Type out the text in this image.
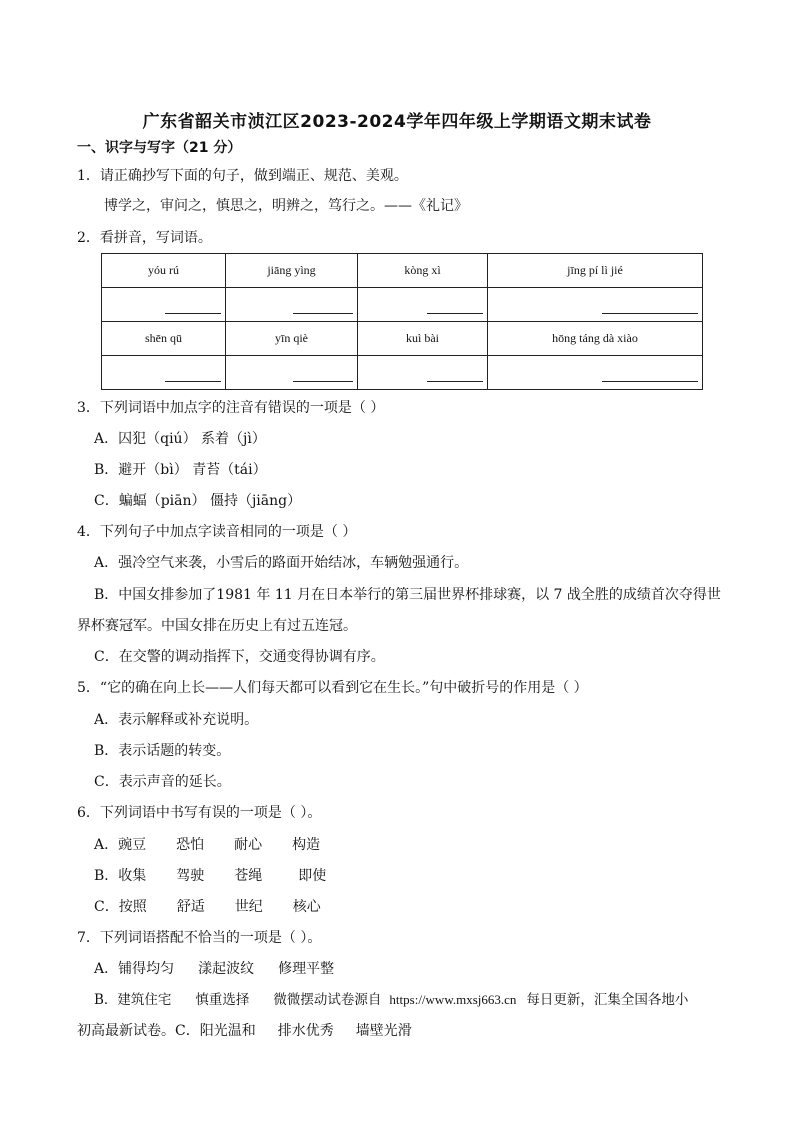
广东省韶关市浈江区2023-2024学年四年级上学期语文期末试卷
一、识字与写字（21 分）
1．请正确抄写下面的句子，做到端正、规范、美观。
博学之，审问之，慎思之，明辨之，笃行之。——《礼记》
2．看拼音，写词语。
yóu rú	jiāng yìng	kòng xì	jīng pí lì jié

shēn qū	yīn qiè	kuì bài	hōng táng dà xiào

3．下列词语中加点字的注音有错误的一项是（ ）
A．囚犯（qiú） 系着（jì）
B．避开（bì） 青苔（tái）
C．蝙蝠（piān） 僵持（jiāng）
4．下列句子中加点字读音相同的一项是（ ）
A．强冷空气来袭，小雪后的路面开始结冰，车辆勉强通行。
B．中国女排参加了1981 年 11 月在日本举行的第三届世界杯排球赛，以 7 战全胜的成绩首次夺得世
界杯赛冠军。中国女排在历史上有过五连冠。
C．在交警的调动指挥下，交通变得协调有序。
5．“它的确在向上长——人们每天都可以看到它在生长。”句中破折号的作用是（ ）
A．表示解释或补充说明。
B．表示话题的转变。
C．表示声音的延长。
6．下列词语中书写有误的一项是（ ）。
A．豌豆 恐怕 耐心 构造
B．收集 驾驶 苍绳	即使
C．按照 舒适 世纪 核心
7．下列词语搭配不恰当的一项是（ ）。
A．铺得均匀 漾起波纹 修理平整
B．建筑住宅 慎重选择 微微摆动试卷源自 https://www.mxsj663.cn 每日更新，汇集全国各地小
初高最新试卷。C．阳光温和 排水优秀 墙壁光滑
